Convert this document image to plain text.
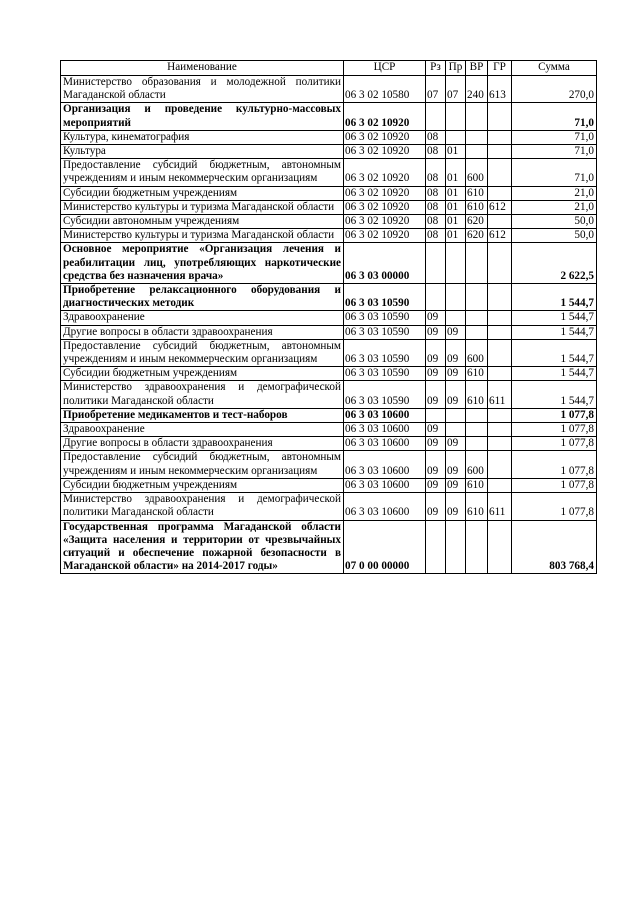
Наименование	ЦСР	Рз	Пр	ВР	ГР	Сумма
Министерство образования и молодежной политики Магаданской области	06 3 02 10580	07	07	240	613	270,0
Организация и проведение культурно-массовых мероприятий	06 3 02 10920					71,0
Культура, кинематография	06 3 02 10920	08				71,0
Культура	06 3 02 10920	08	01			71,0
Предоставление субсидий бюджетным, автономным учреждениям и иным некоммерческим организациям	06 3 02 10920	08	01	600		71,0
Субсидии бюджетным учреждениям	06 3 02 10920	08	01	610		21,0
Министерство культуры и туризма Магаданской области	06 3 02 10920	08	01	610	612	21,0
Субсидии автономным учреждениям	06 3 02 10920	08	01	620		50,0
Министерство культуры и туризма Магаданской области	06 3 02 10920	08	01	620	612	50,0
Основное мероприятие «Организация лечения и реабилитации лиц, употребляющих наркотические средства без назначения врача»	06 3 03 00000					2 622,5
Приобретение релаксационного оборудования и диагностических методик	06 3 03 10590					1 544,7
Здравоохранение	06 3 03 10590	09				1 544,7
Другие вопросы в области здравоохранения	06 3 03 10590	09	09			1 544,7
Предоставление субсидий бюджетным, автономным учреждениям и иным некоммерческим организациям	06 3 03 10590	09	09	600		1 544,7
Субсидии бюджетным учреждениям	06 3 03 10590	09	09	610		1 544,7
Министерство здравоохранения и демографической политики Магаданской области	06 3 03 10590	09	09	610	611	1 544,7
Приобретение медикаментов и тест-наборов	06 3 03 10600					1 077,8
Здравоохранение	06 3 03 10600	09				1 077,8
Другие вопросы в области здравоохранения	06 3 03 10600	09	09			1 077,8
Предоставление субсидий бюджетным, автономным учреждениям и иным некоммерческим организациям	06 3 03 10600	09	09	600		1 077,8
Субсидии бюджетным учреждениям	06 3 03 10600	09	09	610		1 077,8
Министерство здравоохранения и демографической политики Магаданской области	06 3 03 10600	09	09	610	611	1 077,8
Государственная программа Магаданской области «Защита населения и территории от чрезвычайных ситуаций и обеспечение пожарной безопасности в Магаданской области» на 2014-2017 годы»	07 0 00 00000					803 768,4
